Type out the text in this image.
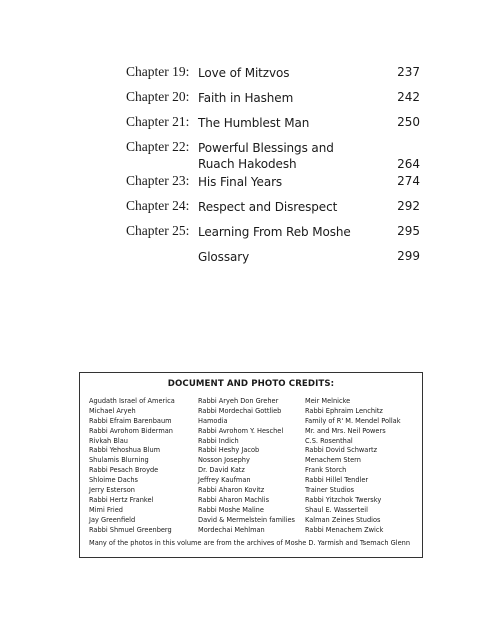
Chapter 19: Love of Mitzvos	237
Chapter 20: Faith in Hashem	242
Chapter 21: The Humblest Man	250
Chapter 22: Powerful Blessings and
Ruach Hakodesh	264
Chapter 23: His Final Years	274
Chapter 24: Respect and Disrespect	292
Chapter 25: Learning From Reb Moshe	295
Glossary	299
DOCUMENT AND PHOTO CREDITS:
Agudath Israel of America
Michael Aryeh
Rabbi Efraim Barenbaum
Rabbi Avrohom Biderman
Rivkah Blau
Rabbi Yehoshua Blum
Shulamis Blurning
Rabbi Pesach Broyde
Shloime Dachs
Jerry Esterson
Rabbi Hertz Frankel
Mimi Fried
Jay Greenfield
Rabbi Shmuel Greenberg
Rabbi Aryeh Don Greher
Rabbi Mordechai Gottlieb
Hamodia
Rabbi Avrohom Y. Heschel
Rabbi Indich
Rabbi Heshy Jacob
Nosson Josephy
Dr. David Katz
Jeffrey Kaufman
Rabbi Aharon Kovitz
Rabbi Aharon Machlis
Rabbi Moshe Maline
David & Mermelstein families
Mordechai Mehlman
Meir Melnicke
Rabbi Ephraim Lenchitz
Family of R' M. Mendel Pollak
Mr. and Mrs. Neil Powers
C.S. Rosenthal
Rabbi Dovid Schwartz
Menachem Stern
Frank Storch
Rabbi Hillel Tendler
Trainer Studios
Rabbi Yitzchok Twersky
Shaul E. Wasserteil
Kalman Zeines Studios
Rabbi Menachem Zwick
Many of the photos in this volume are from the archives of Moshe D. Yarmish and Tsemach Glenn
